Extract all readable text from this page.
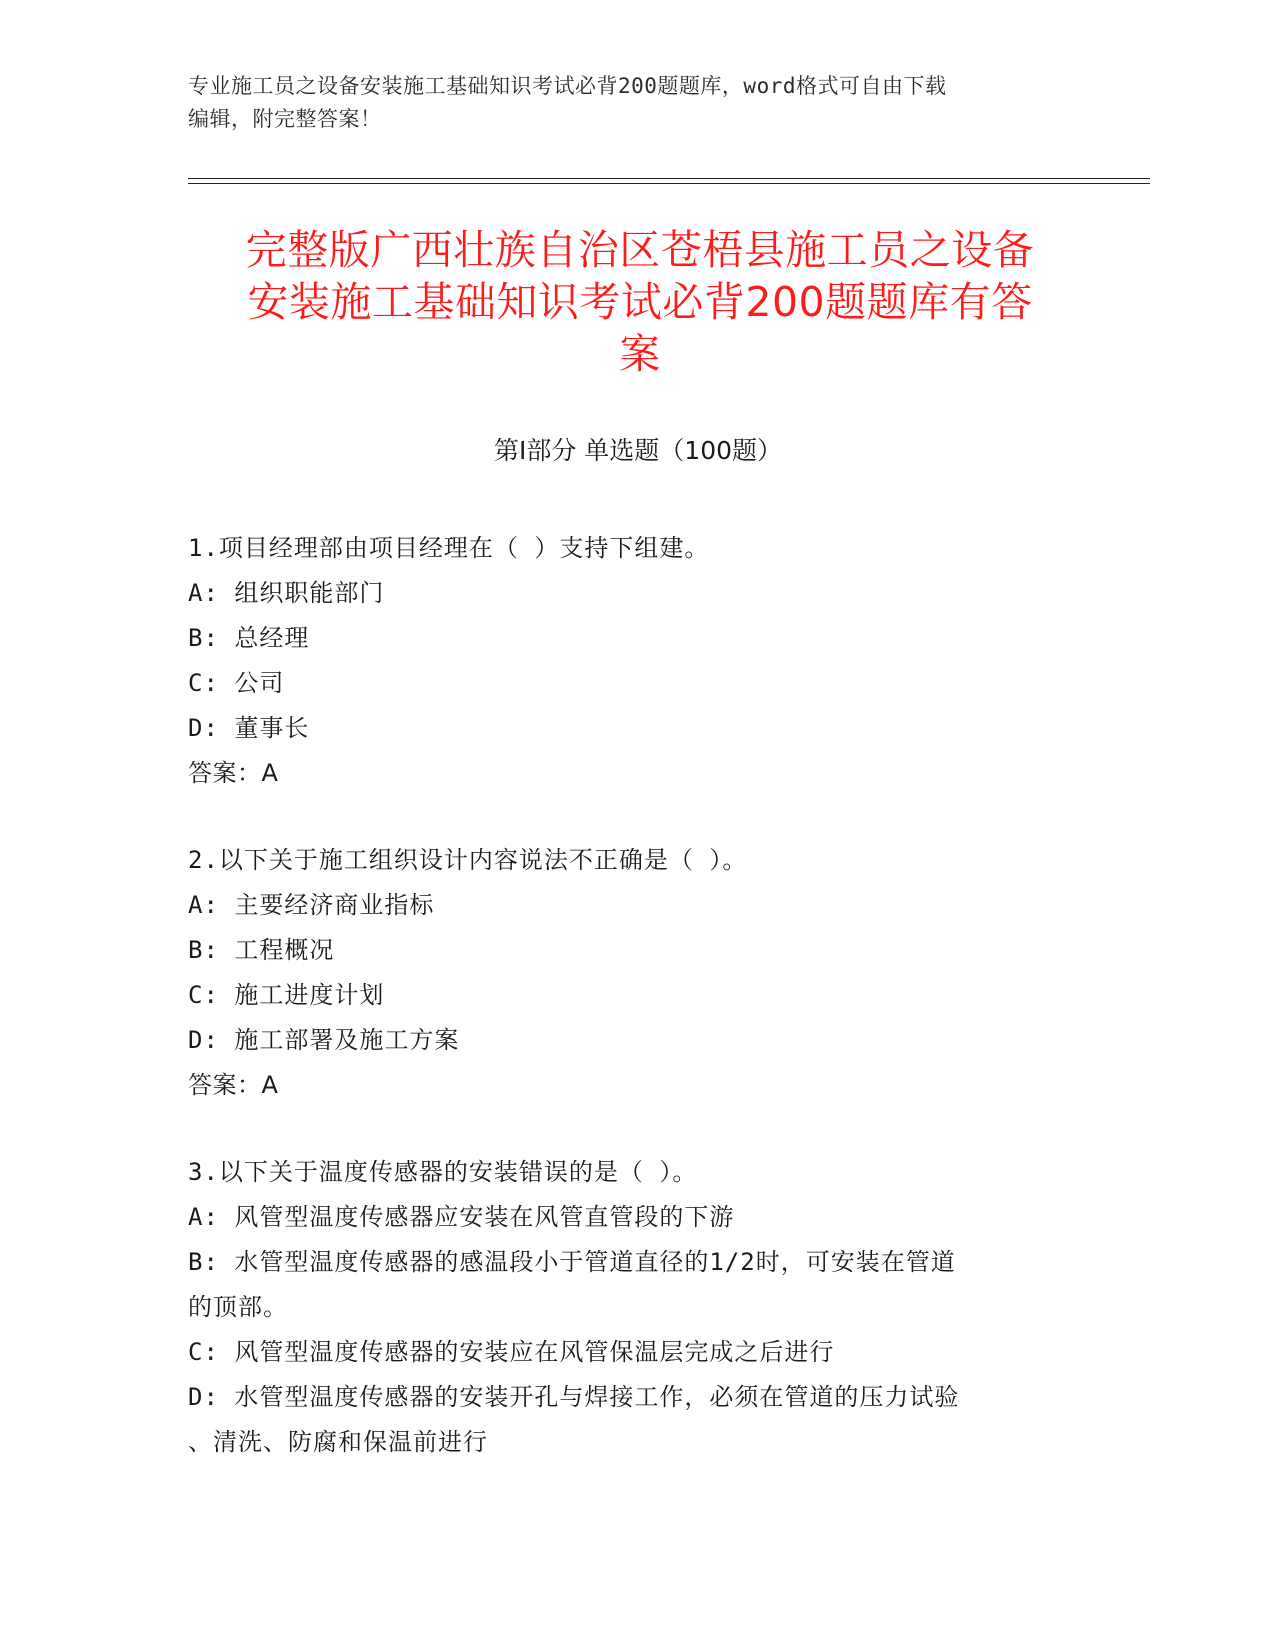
专业施工员之设备安装施工基础知识考试必背200题题库，word格式可自由下载
编辑，附完整答案！
完整版广西壮族自治区苍梧县施工员之设备
安装施工基础知识考试必背200题题库有答
案
第Ⅰ部分 单选题（100题）
1.项目经理部由项目经理在（ ）支持下组建。
A: 组织职能部门
B: 总经理
C: 公司
D: 董事长
答案：A
2.以下关于施工组织设计内容说法不正确是（ ）。
A: 主要经济商业指标
B: 工程概况
C: 施工进度计划
D: 施工部署及施工方案
答案：A
3.以下关于温度传感器的安装错误的是（ ）。
A: 风管型温度传感器应安装在风管直管段的下游
B: 水管型温度传感器的感温段小于管道直径的1/2时，可安装在管道
的顶部。
C: 风管型温度传感器的安装应在风管保温层完成之后进行
D: 水管型温度传感器的安装开孔与焊接工作，必须在管道的压力试验
、清洗、防腐和保温前进行
